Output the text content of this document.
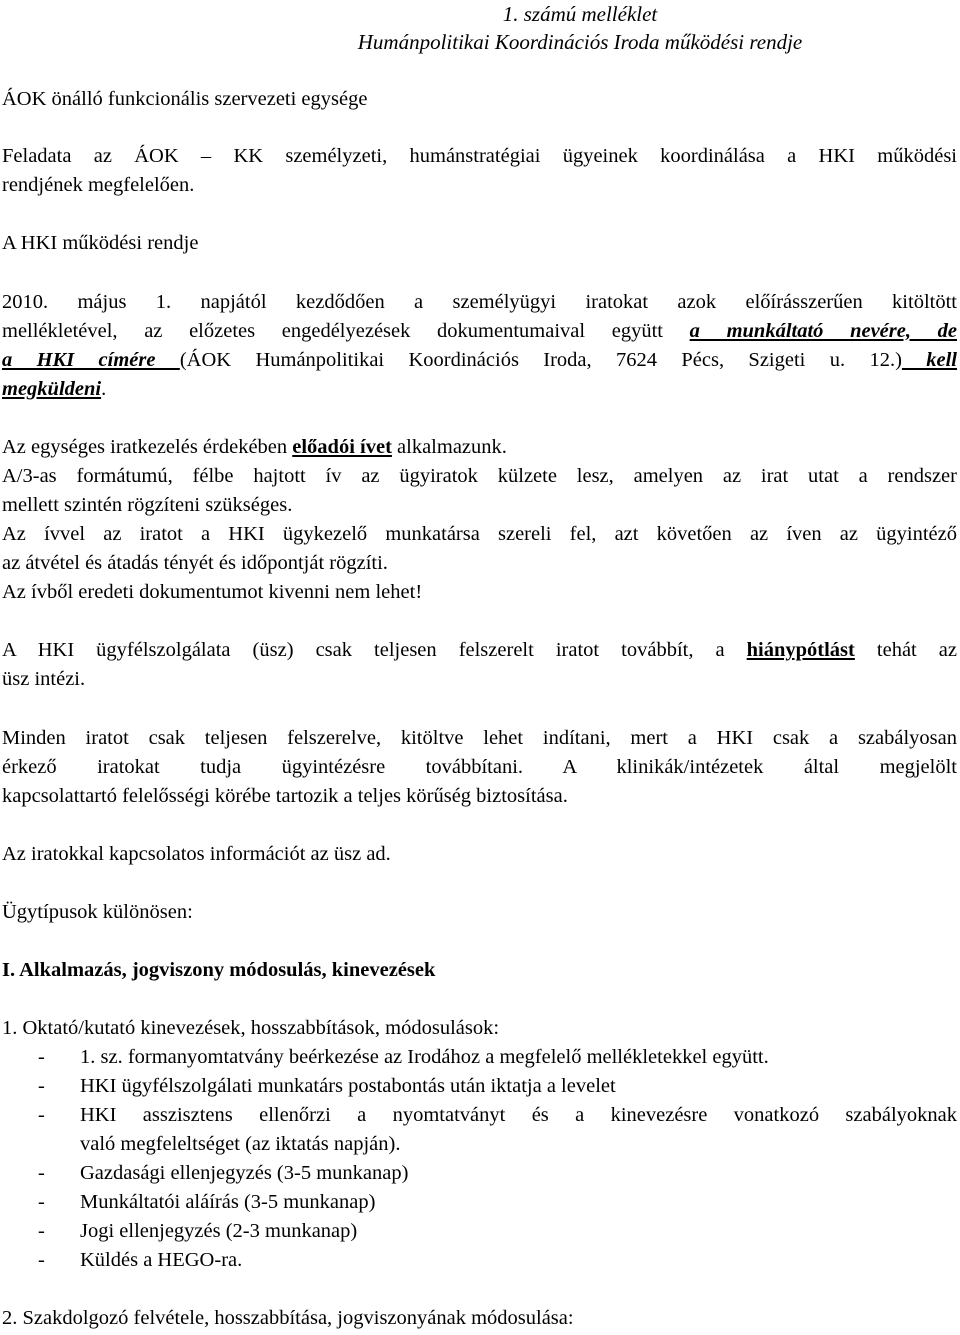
1. számú melléklet
Humánpolitikai Koordinációs Iroda működési rendje
ÁOK önálló funkcionális szervezeti egysége
Feladata az ÁOK – KK személyzeti, humánstratégiai ügyeinek koordinálása a HKI működési
rendjének megfelelően.
A HKI működési rendje
2010. május 1. napjától kezdődően a személyügyi iratokat azok előírásszerűen kitöltött
mellékletével, az előzetes engedélyezések dokumentumaival együtt a munkáltató nevére, de
a HKI címére (ÁOK Humánpolitikai Koordinációs Iroda, 7624 Pécs, Szigeti u. 12.) kell
megküldeni.
Az egységes iratkezelés érdekében előadói ívet alkalmazunk.
A/3-as formátumú, félbe hajtott ív az ügyiratok külzete lesz, amelyen az irat utat a rendszer
mellett szintén rögzíteni szükséges.
Az ívvel az iratot a HKI ügykezelő munkatársa szereli fel, azt követően az íven az ügyintéző
az átvétel és átadás tényét és időpontját rögzíti.
Az ívből eredeti dokumentumot kivenni nem lehet!
A HKI ügyfélszolgálata (üsz) csak teljesen felszerelt iratot továbbít, a hiánypótlást tehát az
üsz intézi.
Minden iratot csak teljesen felszerelve, kitöltve lehet indítani, mert a HKI csak a szabályosan
érkező iratokat tudja ügyintézésre továbbítani. A klinikák/intézetek által megjelölt
kapcsolattartó felelősségi körébe tartozik a teljes körűség biztosítása.
Az iratokkal kapcsolatos információt az üsz ad.
Ügytípusok különösen:
I. Alkalmazás, jogviszony módosulás, kinevezések
1. Oktató/kutató kinevezések, hosszabbítások, módosulások:
- 1. sz. formanyomtatvány beérkezése az Irodához a megfelelő mellékletekkel együtt.
- HKI ügyfélszolgálati munkatárs postabontás után iktatja a levelet
- HKI asszisztens ellenőrzi a nyomtatványt és a kinevezésre vonatkozó szabályoknak
való megfeleltséget (az iktatás napján).
- Gazdasági ellenjegyzés (3-5 munkanap)
- Munkáltatói aláírás (3-5 munkanap)
- Jogi ellenjegyzés (2-3 munkanap)
- Küldés a HEGO-ra.
2. Szakdolgozó felvétele, hosszabbítása, jogviszonyának módosulása:
